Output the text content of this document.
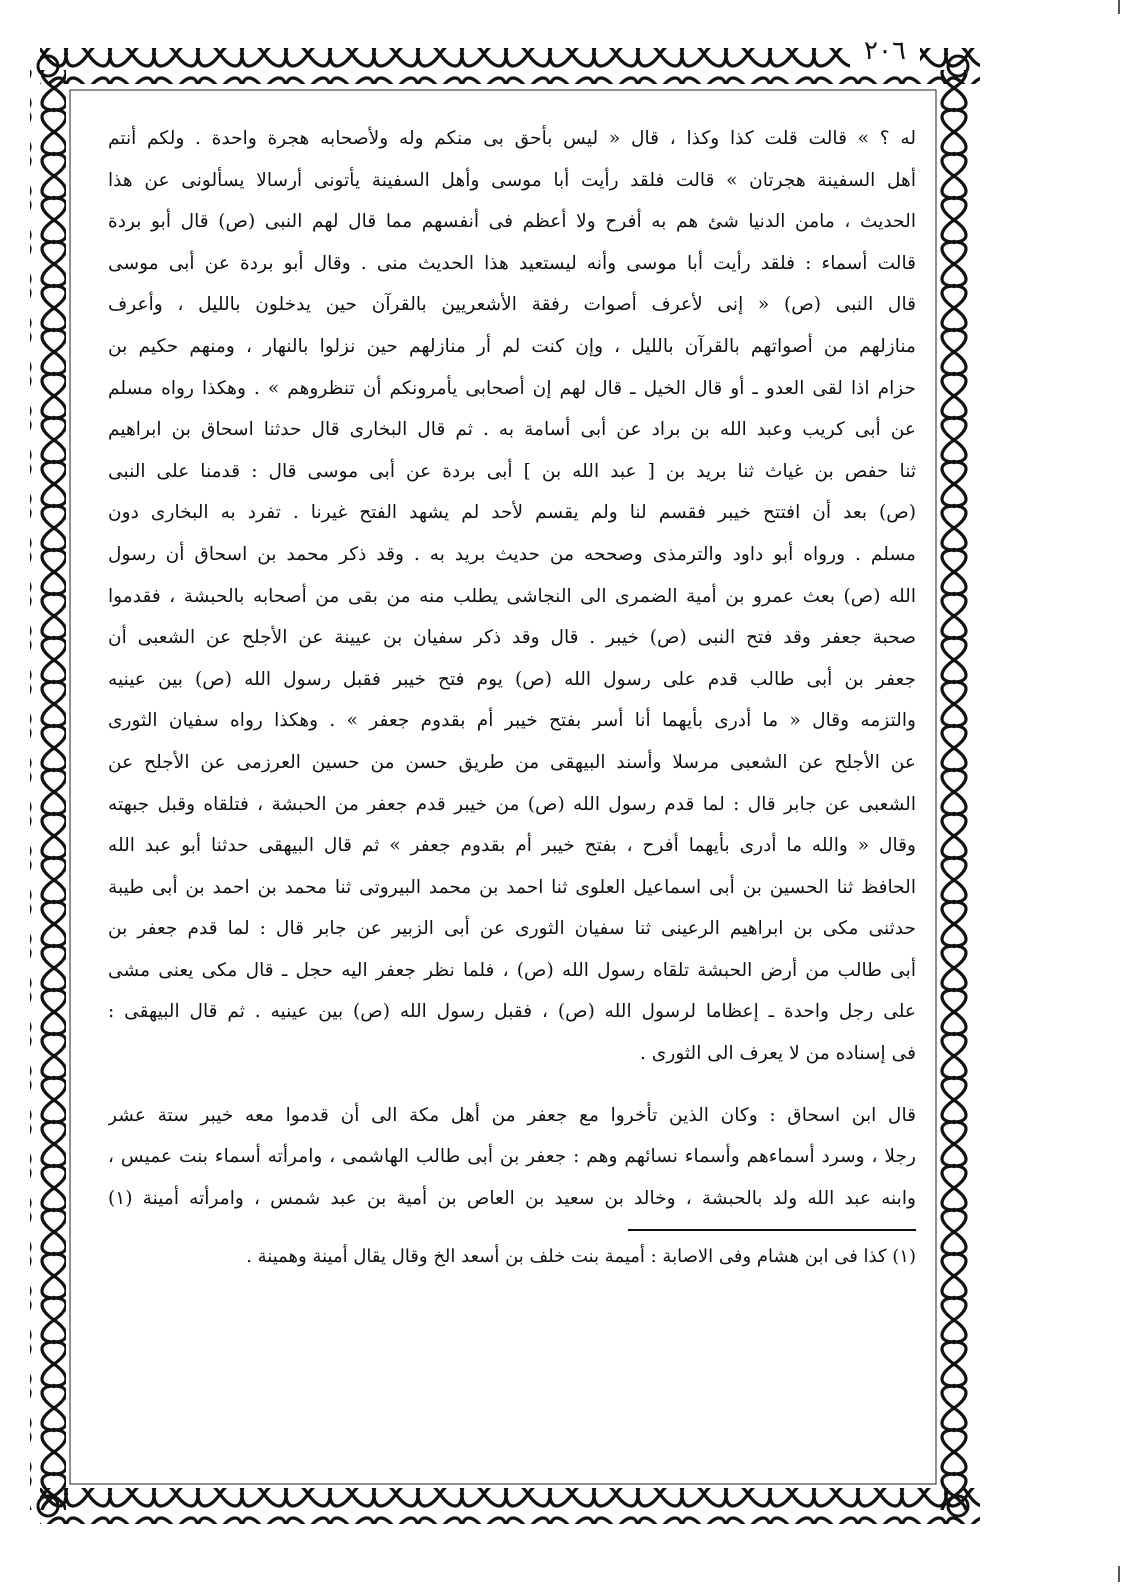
٢٠٦
له ؟ » قالت قلت كذا وكذا ، قال « ليس بأحق بى منكم وله ولأصحابه هجرة واحدة . ولكم أنتم
أهل السفينة هجرتان » قالت فلقد رأيت أبا موسى وأهل السفينة يأتونى أرسالا يسألونى عن هذا
الحديث ، مامن الدنيا شئ هم به أفرح ولا أعظم فى أنفسهم مما قال لهم النبى (ص) قال أبو بردة
قالت أسماء : فلقد رأيت أبا موسى وأنه ليستعيد هذا الحديث منى . وقال أبو بردة عن أبى موسى
قال النبى (ص) « إنى لأعرف أصوات رفقة الأشعريين بالقرآن حين يدخلون بالليل ، وأعرف
منازلهم من أصواتهم بالقرآن بالليل ، وإن كنت لم أر منازلهم حين نزلوا بالنهار ، ومنهم حكيم بن
حزام اذا لقى العدو ـ أو قال الخيل ـ قال لهم إن أصحابى يأمرونكم أن تنظروهم » . وهكذا رواه مسلم
عن أبى كريب وعبد الله بن براد عن أبى أسامة به . ثم قال البخارى قال حدثنا اسحاق بن ابراهيم
ثنا حفص بن غياث ثنا بريد بن [ عبد الله بن ] أبى بردة عن أبى موسى قال : قدمنا على النبى
(ص) بعد أن افتتح خيبر فقسم لنا ولم يقسم لأحد لم يشهد الفتح غيرنا . تفرد به البخارى دون
مسلم . ورواه أبو داود والترمذى وصححه من حديث بريد به . وقد ذكر محمد بن اسحاق أن رسول
الله (ص) بعث عمرو بن أمية الضمرى الى النجاشى يطلب منه من بقى من أصحابه بالحبشة ، فقدموا
صحبة جعفر وقد فتح النبى (ص) خيبر . قال وقد ذكر سفيان بن عيينة عن الأجلح عن الشعبى أن
جعفر بن أبى طالب قدم على رسول الله (ص) يوم فتح خيبر فقبل رسول الله (ص) بين عينيه
والتزمه وقال « ما أدرى بأيهما أنا أسر بفتح خيبر أم بقدوم جعفر » . وهكذا رواه سفيان الثورى
عن الأجلح عن الشعبى مرسلا وأسند البيهقى من طريق حسن من حسين العرزمى عن الأجلح عن
الشعبى عن جابر قال : لما قدم رسول الله (ص) من خيبر قدم جعفر من الحبشة ، فتلقاه وقبل جبهته
وقال « والله ما أدرى بأيهما أفرح ، بفتح خيبر أم بقدوم جعفر » ثم قال البيهقى حدثنا أبو عبد الله
الحافظ ثنا الحسين بن أبى اسماعيل العلوى ثنا احمد بن محمد البيروتى ثنا محمد بن احمد بن أبى طيبة
حدثنى مكى بن ابراهيم الرعينى ثنا سفيان الثورى عن أبى الزبير عن جابر قال : لما قدم جعفر بن
أبى طالب من أرض الحبشة تلقاه رسول الله (ص) ، فلما نظر جعفر اليه حجل ـ قال مكى يعنى مشى
على رجل واحدة ـ إعظاما لرسول الله (ص) ، فقبل رسول الله (ص) بين عينيه . ثم قال البيهقى :
فى إسناده من لا يعرف الى الثورى .
قال ابن اسحاق : وكان الذين تأخروا مع جعفر من أهل مكة الى أن قدموا معه خيبر ستة عشر
رجلا ، وسرد أسماءهم وأسماء نسائهم وهم : جعفر بن أبى طالب الهاشمى ، وامرأته أسماء بنت عميس ،
وابنه عبد الله ولد بالحبشة ، وخالد بن سعيد بن العاص بن أمية بن عبد شمس ، وامرأته أمينة (١)
(١) كذا فى ابن هشام وفى الاصابة : أميمة بنت خلف بن أسعد الخ وقال يقال أمينة وهمينة .
